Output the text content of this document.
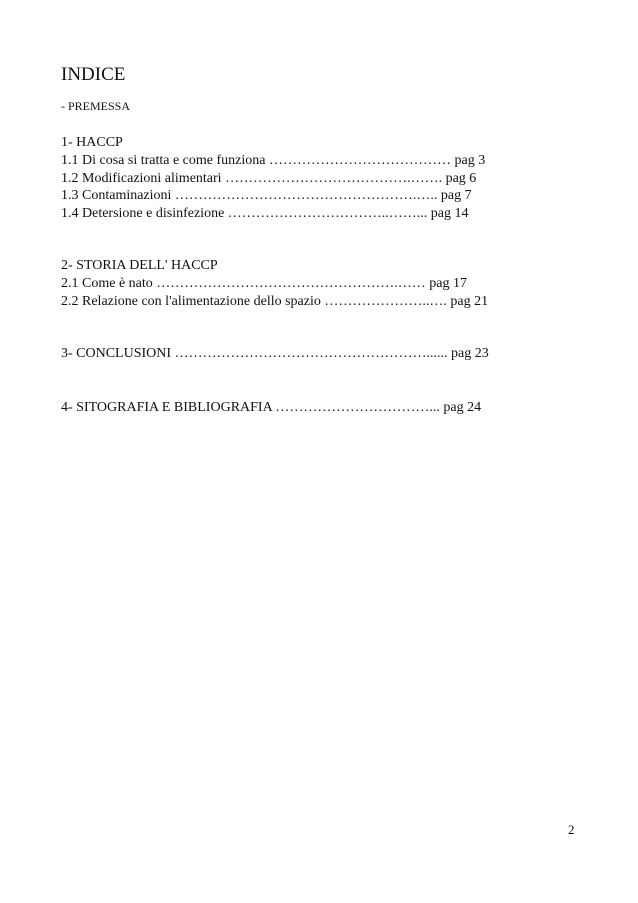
INDICE
- PREMESSA
1- HACCP
1.1 Di cosa si tratta e come funziona ………………………………… pag 3
1.2 Modificazioni alimentari ………………………………….……. pag 6
1.3 Contaminazioni …………………………………………….….. pag 7
1.4 Detersione e disinfezione ……………………………..……... pag 14
2- STORIA DELL' HACCP
2.1 Come è nato …………………………………………….…… pag 17
2.2 Relazione con l'alimentazione dello spazio …………………..…. pag 21
3- CONCLUSIONI ………………………………………………...... pag 23
4- SITOGRAFIA E BIBLIOGRAFIA ……………………………... pag 24
2
